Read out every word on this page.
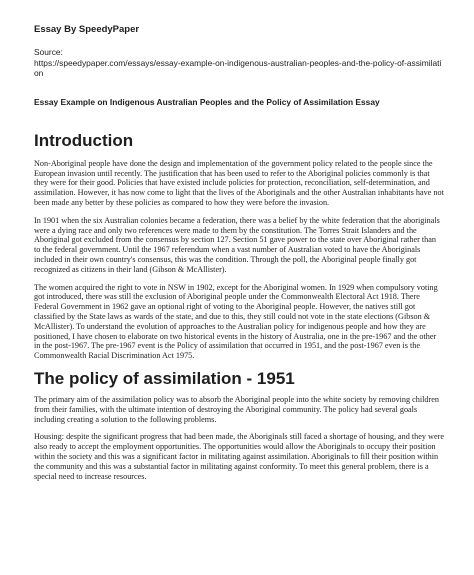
Essay By SpeedyPaper
Source:
https://speedypaper.com/essays/essay-example-on-indigenous-australian-peoples-and-the-policy-of-assimilation
Essay Example on Indigenous Australian Peoples and the Policy of Assimilation Essay
Introduction

Non-Aboriginal people have done the design and implementation of the government policy related to the people since the European invasion until recently. The justification that has been used to refer to the Aboriginal policies commonly is that they were for their good. Policies that have existed include policies for protection, reconciliation, self-determination, and assimilation. However, it has now come to light that the lives of the Aboriginals and the other Australian inhabitants have not been made any better by these policies as compared to how they were before the invasion.

In 1901 when the six Australian colonies became a federation, there was a belief by the white federation that the aboriginals were a dying race and only two references were made to them by the constitution. The Torres Strait Islanders and the Aboriginal got excluded from the consensus by section 127. Section 51 gave power to the state over Aboriginal rather than to the federal government. Until the 1967 referendum when a vast number of Australian voted to have the Aboriginals included in their own country's consensus, this was the condition. Through the poll, the Aboriginal people finally got recognized as citizens in their land (Gibson & McAllister).

The women acquired the right to vote in NSW in 1902, except for the Aboriginal women. In 1929 when compulsory voting got introduced, there was still the exclusion of Aboriginal people under the Commonwealth Electoral Act 1918. There Federal Government in 1962 gave an optional right of voting to the Aboriginal people. However, the natives still got classified by the State laws as wards of the state, and due to this, they still could not vote in the state elections (Gibson & McAllister). To understand the evolution of approaches to the Australian policy for indigenous people and how they are positioned, I have chosen to elaborate on two historical events in the history of Australia, one in the pre-1967 and the other in the post-1967. The pre-1967 event is the Policy of assimilation that occurred in 1951, and the post-1967 even is the Commonwealth Racial Discrimination Act 1975.

The policy of assimilation - 1951

The primary aim of the assimilation policy was to absorb the Aboriginal people into the white society by removing children from their families, with the ultimate intention of destroying the Aboriginal community. The policy had several goals including creating a solution to the following problems.

Housing: despite the significant progress that had been made, the Aboriginals still faced a shortage of housing, and they were also ready to accept the employment opportunities. The opportunities would allow the Aboriginals to occupy their position within the society and this was a significant factor in militating against assimilation. Aboriginals to fill their position within the community and this was a substantial factor in militating against conformity. To meet this general problem, there is a special need to increase resources.
